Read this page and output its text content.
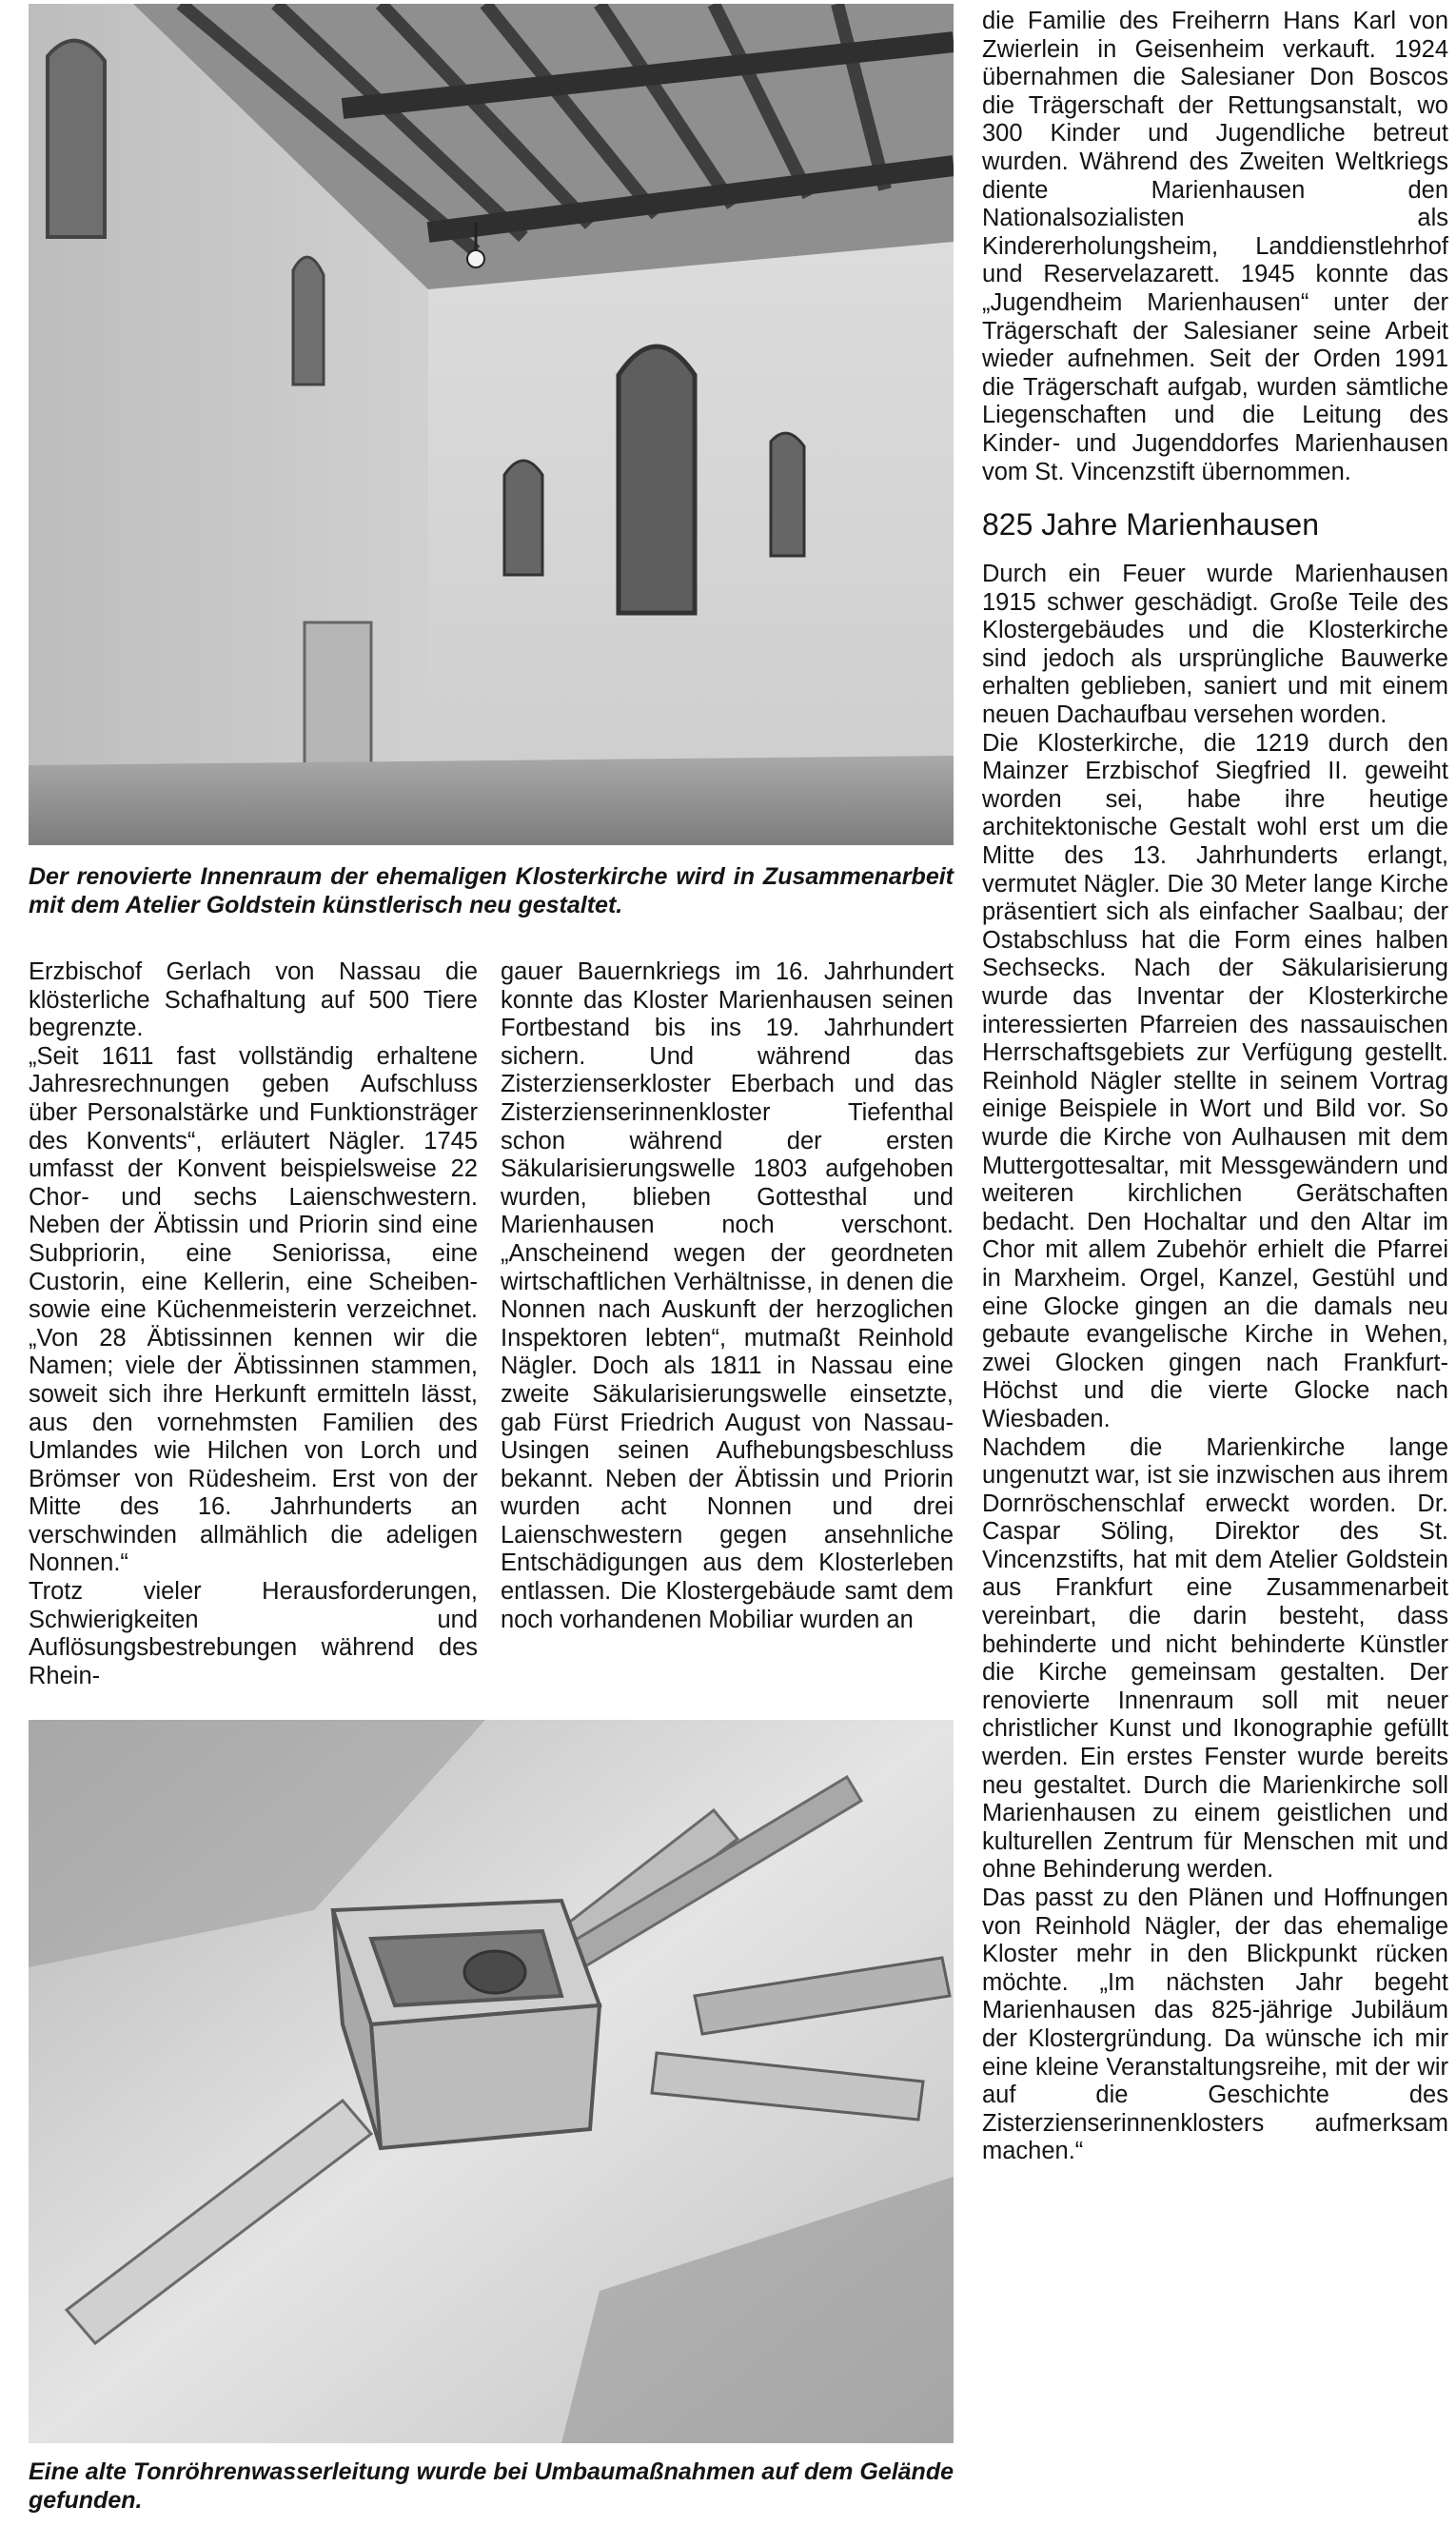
Der renovierte Innenraum der ehemaligen Klosterkirche wird in Zusammenarbeit mit dem Atelier Goldstein künstlerisch neu gestaltet.

Erzbischof Gerlach von Nassau die klösterliche Schafhaltung auf 500 Tiere begrenzte.

„Seit 1611 fast vollständig erhaltene Jahresrechnungen geben Aufschluss über Personalstärke und Funktionsträger des Konvents“, erläutert Nägler. 1745 umfasst der Konvent beispielsweise 22 Chor- und sechs Laienschwestern. Neben der Äbtissin und Priorin sind eine Subpriorin, eine Seniorissa, eine Custorin, eine Kellerin, eine Scheiben- sowie eine Küchenmeisterin verzeichnet. „Von 28 Äbtissinnen kennen wir die Namen; viele der Äbtissinnen stammen, soweit sich ihre Herkunft ermitteln lässt, aus den vornehmsten Familien des Umlandes wie Hilchen von Lorch und Brömser von Rüdesheim. Erst von der Mitte des 16. Jahrhunderts an verschwinden allmählich die adeligen Nonnen.“

Trotz vieler Herausforderungen, Schwierigkeiten und Auflösungsbestrebungen während des Rhein-

gauer Bauernkriegs im 16. Jahrhundert konnte das Kloster Marienhausen seinen Fortbestand bis ins 19. Jahrhundert sichern. Und während das Zisterzienserkloster Eberbach und das Zisterzienserinnenkloster Tiefenthal schon während der ersten Säkularisierungswelle 1803 aufgehoben wurden, blieben Gottesthal und Marienhausen noch verschont. „Anscheinend wegen der geordneten wirtschaftlichen Verhältnisse, in denen die Nonnen nach Auskunft der herzoglichen Inspektoren lebten“, mutmaßt Reinhold Nägler. Doch als 1811 in Nassau eine zweite Säkularisierungswelle einsetzte, gab Fürst Friedrich August von Nassau-Usingen seinen Aufhebungsbeschluss bekannt. Neben der Äbtissin und Priorin wurden acht Nonnen und drei Laienschwestern gegen ansehnliche Entschädigungen aus dem Klosterleben entlassen. Die Klostergebäude samt dem noch vorhandenen Mobiliar wurden an

die Familie des Freiherrn Hans Karl von Zwierlein in Geisenheim verkauft. 1924 übernahmen die Salesianer Don Boscos die Trägerschaft der Rettungsanstalt, wo 300 Kinder und Jugendliche betreut wurden. Während des Zweiten Weltkriegs diente Marienhausen den Nationalsozialisten als Kindererholungsheim, Landdienstlehrhof und Reservelazarett. 1945 konnte das „Jugendheim Marienhausen“ unter der Trägerschaft der Salesianer seine Arbeit wieder aufnehmen. Seit der Orden 1991 die Trägerschaft aufgab, wurden sämtliche Liegenschaften und die Leitung des Kinder- und Jugenddorfes Marienhausen vom St. Vincenzstift übernommen.

825 Jahre Marienhausen

Durch ein Feuer wurde Marienhausen 1915 schwer geschädigt. Große Teile des Klostergebäudes und die Klosterkirche sind jedoch als ursprüngliche Bauwerke erhalten geblieben, saniert und mit einem neuen Dachaufbau versehen worden.

Die Klosterkirche, die 1219 durch den Mainzer Erzbischof Siegfried II. geweiht worden sei, habe ihre heutige architektonische Gestalt wohl erst um die Mitte des 13. Jahrhunderts erlangt, vermutet Nägler. Die 30 Meter lange Kirche präsentiert sich als einfacher Saalbau; der Ostabschluss hat die Form eines halben Sechsecks. Nach der Säkularisierung wurde das Inventar der Klosterkirche interessierten Pfarreien des nassauischen Herrschaftsgebiets zur Verfügung gestellt. Reinhold Nägler stellte in seinem Vortrag einige Beispiele in Wort und Bild vor. So wurde die Kirche von Aulhausen mit dem Muttergottesaltar, mit Messgewändern und weiteren kirchlichen Gerätschaften bedacht. Den Hochaltar und den Altar im Chor mit allem Zubehör erhielt die Pfarrei in Marxheim. Orgel, Kanzel, Gestühl und eine Glocke gingen an die damals neu gebaute evangelische Kirche in Wehen, zwei Glocken gingen nach Frankfurt-Höchst und die vierte Glocke nach Wiesbaden.

Nachdem die Marienkirche lange ungenutzt war, ist sie inzwischen aus ihrem Dornröschenschlaf erweckt worden. Dr. Caspar Söling, Direktor des St. Vincenzstifts, hat mit dem Atelier Goldstein aus Frankfurt eine Zusammenarbeit vereinbart, die darin besteht, dass behinderte und nicht behinderte Künstler die Kirche gemeinsam gestalten. Der renovierte Innenraum soll mit neuer christlicher Kunst und Ikonographie gefüllt werden. Ein erstes Fenster wurde bereits neu gestaltet. Durch die Marienkirche soll Marienhausen zu einem geistlichen und kulturellen Zentrum für Menschen mit und ohne Behinderung werden.

Das passt zu den Plänen und Hoffnungen von Reinhold Nägler, der das ehemalige Kloster mehr in den Blickpunkt rücken möchte. „Im nächsten Jahr begeht Marienhausen das 825-jährige Jubiläum der Klostergründung. Da wünsche ich mir eine kleine Veranstaltungsreihe, mit der wir auf die Geschichte des Zisterzienserinnenklosters aufmerksam machen.“

Eine alte Tonröhrenwasserleitung wurde bei Umbaumaßnahmen auf dem Gelände gefunden.
